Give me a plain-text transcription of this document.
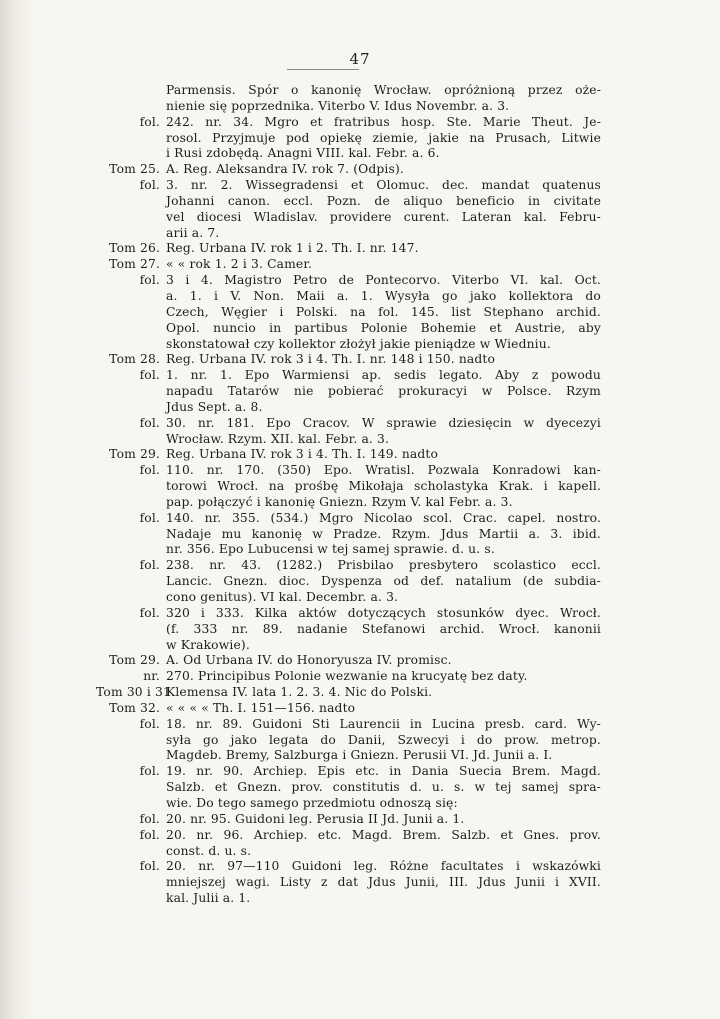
47
Parmensis. Spór o kanonię Wrocław. opróżnioną przez oże-
nienie się poprzednika. Viterbo V. Idus Novembr. a. 3.
fol. 242. nr. 34. Mgro et fratribus hosp. Ste. Marie Theut. Je-
rosol. Przyjmuje pod opiekę ziemie, jakie na Prusach, Litwie
i Rusi zdobędą. Anagni VIII. kal. Febr. a. 6.
Tom 25. A. Reg. Aleksandra IV. rok 7. (Odpis).
fol. 3. nr. 2. Wissegradensi et Olomuc. dec. mandat quatenus
Johanni canon. eccl. Pozn. de aliquo beneficio in civitate
vel diocesi Wladislav. providere curent. Lateran kal. Febru-
arii a. 7.
Tom 26. Reg. Urbana IV. rok 1 i 2. Th. I. nr. 147.
Tom 27. « « rok 1. 2 i 3. Camer.
fol. 3 i 4. Magistro Petro de Pontecorvo. Viterbo VI. kal. Oct.
a. 1. i V. Non. Maii a. 1. Wysyła go jako kollektora do
Czech, Węgier i Polski. na fol. 145. list Stephano archid.
Opol. nuncio in partibus Polonie Bohemie et Austrie, aby
skonstatował czy kollektor złożył jakie pieniądze w Wiedniu.
Tom 28. Reg. Urbana IV. rok 3 i 4. Th. I. nr. 148 i 150. nadto
fol. 1. nr. 1. Epo Warmiensi ap. sedis legato. Aby z powodu
napadu Tatarów nie pobierać prokuracyi w Polsce. Rzym
Jdus Sept. a. 8.
fol. 30. nr. 181. Epo Cracov. W sprawie dziesięcin w dyecezyi
Wrocław. Rzym. XII. kal. Febr. a. 3.
Tom 29. Reg. Urbana IV. rok 3 i 4. Th. I. 149. nadto
fol. 110. nr. 170. (350) Epo. Wratisl. Pozwala Konradowi kan-
torowi Wrocł. na prośbę Mikołaja scholastyka Krak. i kapell.
pap. połączyć i kanonię Gniezn. Rzym V. kal Febr. a. 3.
fol. 140. nr. 355. (534.) Mgro Nicolao scol. Crac. capel. nostro.
Nadaje mu kanonię w Pradze. Rzym. Jdus Martii a. 3. ibid.
nr. 356. Epo Lubucensi w tej samej sprawie. d. u. s.
fol. 238. nr. 43. (1282.) Prisbilao presbytero scolastico eccl.
Lancic. Gnezn. dioc. Dyspenza od def. natalium (de subdia-
cono genitus). VI kal. Decembr. a. 3.
fol. 320 i 333. Kilka aktów dotyczących stosunków dyec. Wrocł.
(f. 333 nr. 89. nadanie Stefanowi archid. Wrocł. kanonii
w Krakowie).
Tom 29. A. Od Urbana IV. do Honoryusza IV. promisc.
nr. 270. Principibus Polonie wezwanie na krucyatę bez daty.
Tom 30 i 31.
Klemensa IV. lata 1. 2. 3. 4. Nic do Polski.
Tom 32. « « « « Th. I. 151—156. nadto
fol. 18. nr. 89. Guidoni Sti Laurencii in Lucina presb. card. Wy-
syła go jako legata do Danii, Szwecyi i do prow. metrop.
Magdeb. Bremy, Salzburga i Gniezn. Perusii VI. Jd. Junii a. I.
fol. 19. nr. 90. Archiep. Epis etc. in Dania Suecia Brem. Magd.
Salzb. et Gnezn. prov. constitutis d. u. s. w tej samej spra-
wie. Do tego samego przedmiotu odnoszą się:
fol. 20. nr. 95. Guidoni leg. Perusia II Jd. Junii a. 1.
fol. 20. nr. 96. Archiep. etc. Magd. Brem. Salzb. et Gnes. prov.
const. d. u. s.
fol. 20. nr. 97—110 Guidoni leg. Różne facultates i wskazówki
mniejszej wagi. Listy z dat Jdus Junii, III. Jdus Junii i XVII.
kal. Julii a. 1.
